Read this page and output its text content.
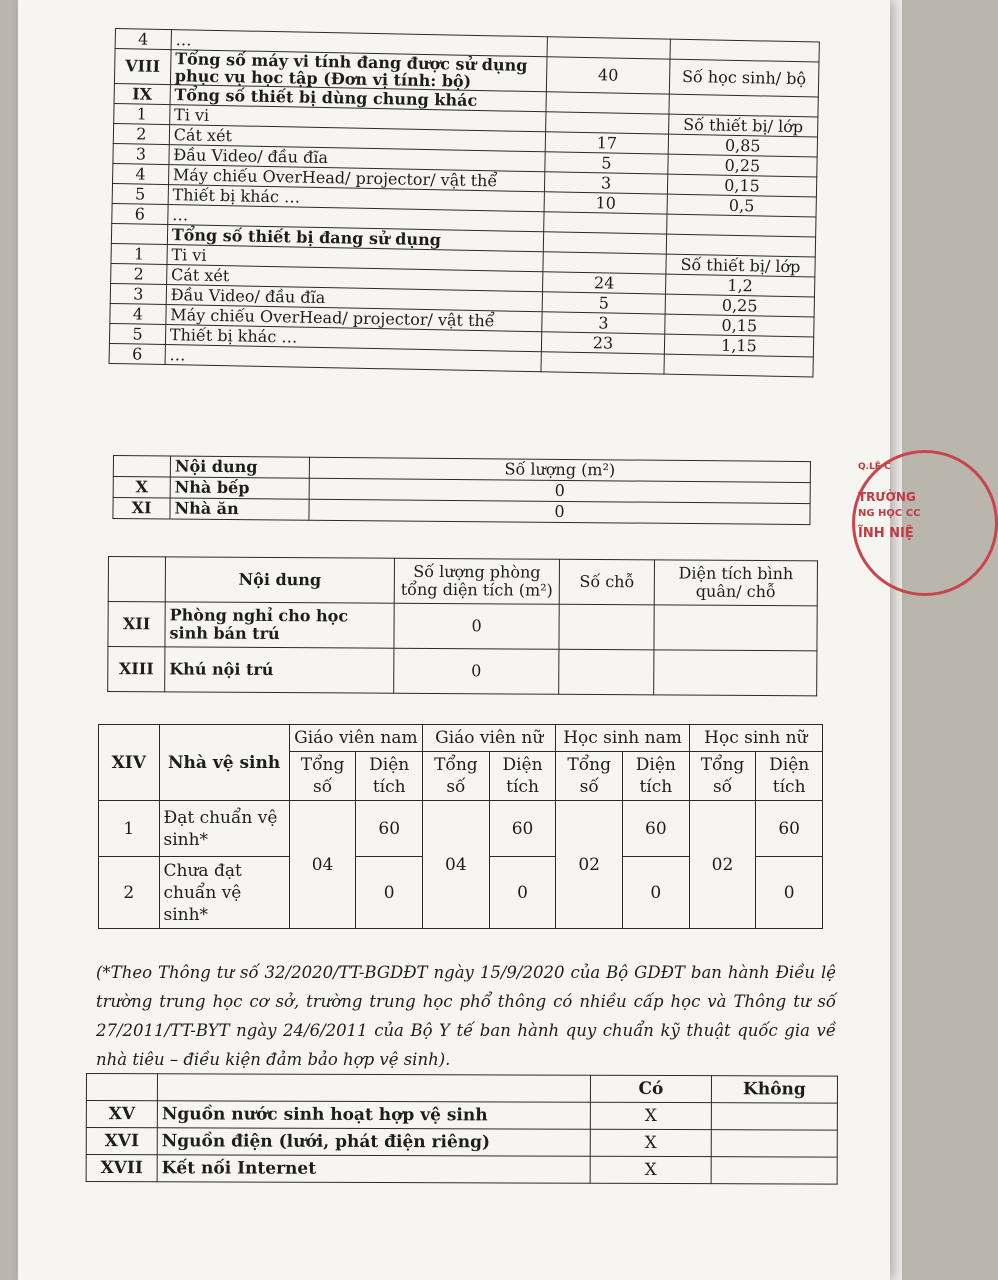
4	…		
VIII	Tổng số máy vi tính đang được sử dụng phục vụ học tập (Đơn vị tính: bộ)	40	Số học sinh/ bộ
IX	Tổng số thiết bị dùng chung khác		
1	Ti vi		Số thiết bị/ lớp
2	Cát xét	17	0,85
3	Đầu Video/ đầu đĩa	5	0,25
4	Máy chiếu OverHead/ projector/ vật thể	3	0,15
5	Thiết bị khác …	10	0,5
6	…		
	Tổng số thiết bị đang sử dụng		
1	Ti vi		Số thiết bị/ lớp
2	Cát xét	24	1,2
3	Đầu Video/ đầu đĩa	5	0,25
4	Máy chiếu OverHead/ projector/ vật thể	3	0,15
5	Thiết bị khác …	23	1,15
6	…		
	Nội dung	Số lượng (m²)
X	Nhà bếp	0
XI	Nhà ăn	0
	Nội dung	Số lượng phòng tổng diện tích (m²)	Số chỗ	Diện tích bình quân/ chỗ
XII	Phòng nghỉ cho học sinh bán trú	0		
XIII	Khú nội trú	0		
XIV	Nhà vệ sinh	Giáo viên nam		Giáo viên nữ		Học sinh nam		Học sinh nữ	
		Tổng số	Diện tích	Tổng số	Diện tích	Tổng số	Diện tích	Tổng số	Diện tích
1	Đạt chuẩn vệ sinh*	04	60	04	60	02	60	02	60
2	Chưa đạt chuẩn vệ sinh*		0		0		0		0
(*Theo Thông tư số 32/2020/TT-BGDĐT ngày 15/9/2020 của Bộ GDĐT ban hành Điều lệ trường trung học cơ sở, trường trung học phổ thông có nhiều cấp học và Thông tư số 27/2011/TT-BYT ngày 24/6/2011 của Bộ Y tế ban hành quy chuẩn kỹ thuật quốc gia về nhà tiêu – điều kiện đảm bảo hợp vệ sinh).
		Có	Không
XV	Nguồn nước sinh hoạt hợp vệ sinh	X	
XVI	Nguồn điện (lưới, phát điện riêng)	X	
XVII	Kết nối Internet	X	
Q.LÊ C
TRƯỜNG
NG HỌC CC
ĨNH NIỆ
